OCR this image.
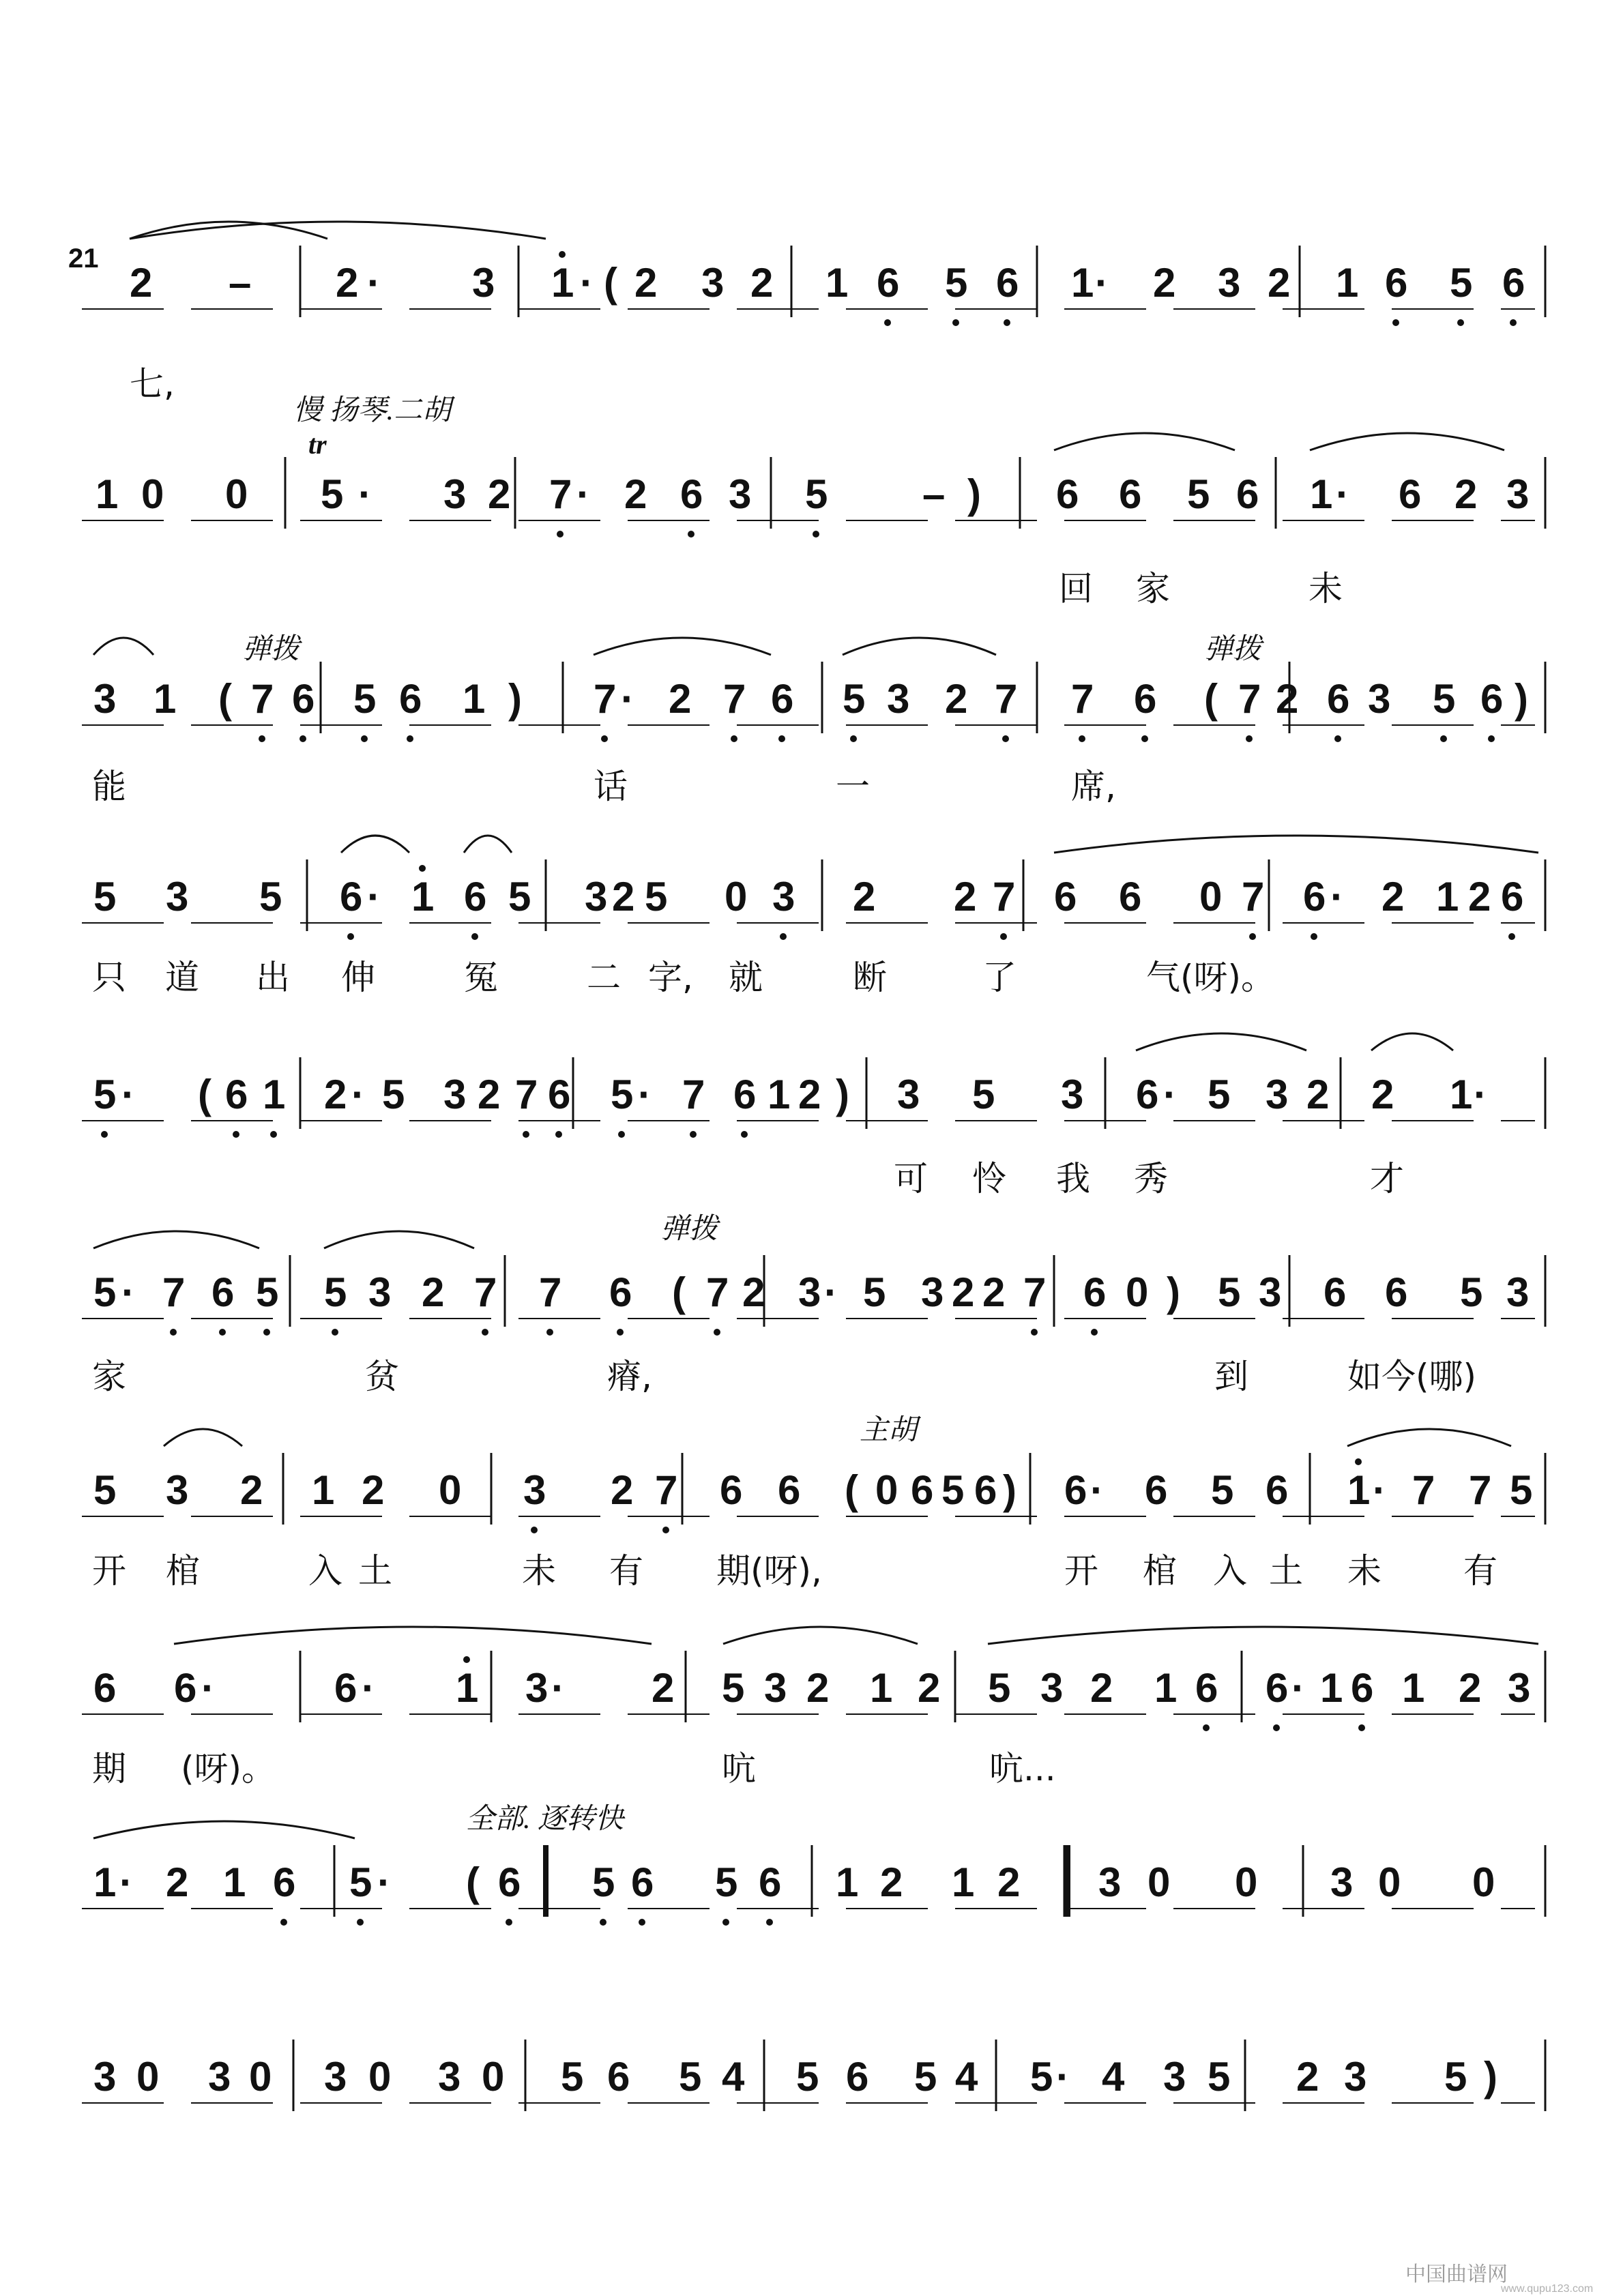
2 – 2 · 3 1 · ( 2 3 2 1 6 5 6 1 · 2 3 2 1 6 5 6
1 0 0 5 · 3 2 7 · 2 6 3 5 – ) 6 6 5 6 1 · 6 2 3
3 1 ( 7 6 5 6 1 ) 7 · 2 7 6 5 3 2 7 7 6 ( 7 2 6 3 5 6 )
5 3 5 6 · 1 6 5 3 2 5 0 3 2 2 7 6 6 0 7 6 · 2 1 2 6
5 · ( 6 1 2 · 5 3 2 7 6 5 · 7 6 1 2 ) 3 5 3 6 · 5 3 2 2 1 ·
5 · 7 6 5 5 3 2 7 7 6 ( 7 2 3 · 5 3 2 2 7 6 0 ) 5 3 6 6 5 3
5 3 2 1 2 0 3 2 7 6 6 ( 0 6 5 6 ) 6 · 6 5 6 1 · 7 7 5
6 6 ·	6 · 1 3 · 2 5 3 2 1 2 5 3 2 1 6 6 · 1 6 1 2 3
1 · 2 1 6 5 · ( 6 5 6 5 6 1 2 1 2 3 0 0 3 0 0
3 0 3 0 3 0 3 0 5 6 5 4 5 6 5 4 5 · 4 3 5 2 3 5 )
七,
回 家	未
能	话	一	席,
只 道 出 伸	冤	二 字, 就	断	了	气(呀)。
可 怜 我 秀	才
家	贫	瘠,	到	如今(哪)
开 棺	入 土	未 有 期(呀),	开 棺 入 土 未 有
期 (呀)。	吭	吭...
慢 扬琴.二胡
弹拨	弹拨
弹拨
主胡
全部. 逐转快
21
tr
中国曲谱网
www.qupu123.com
